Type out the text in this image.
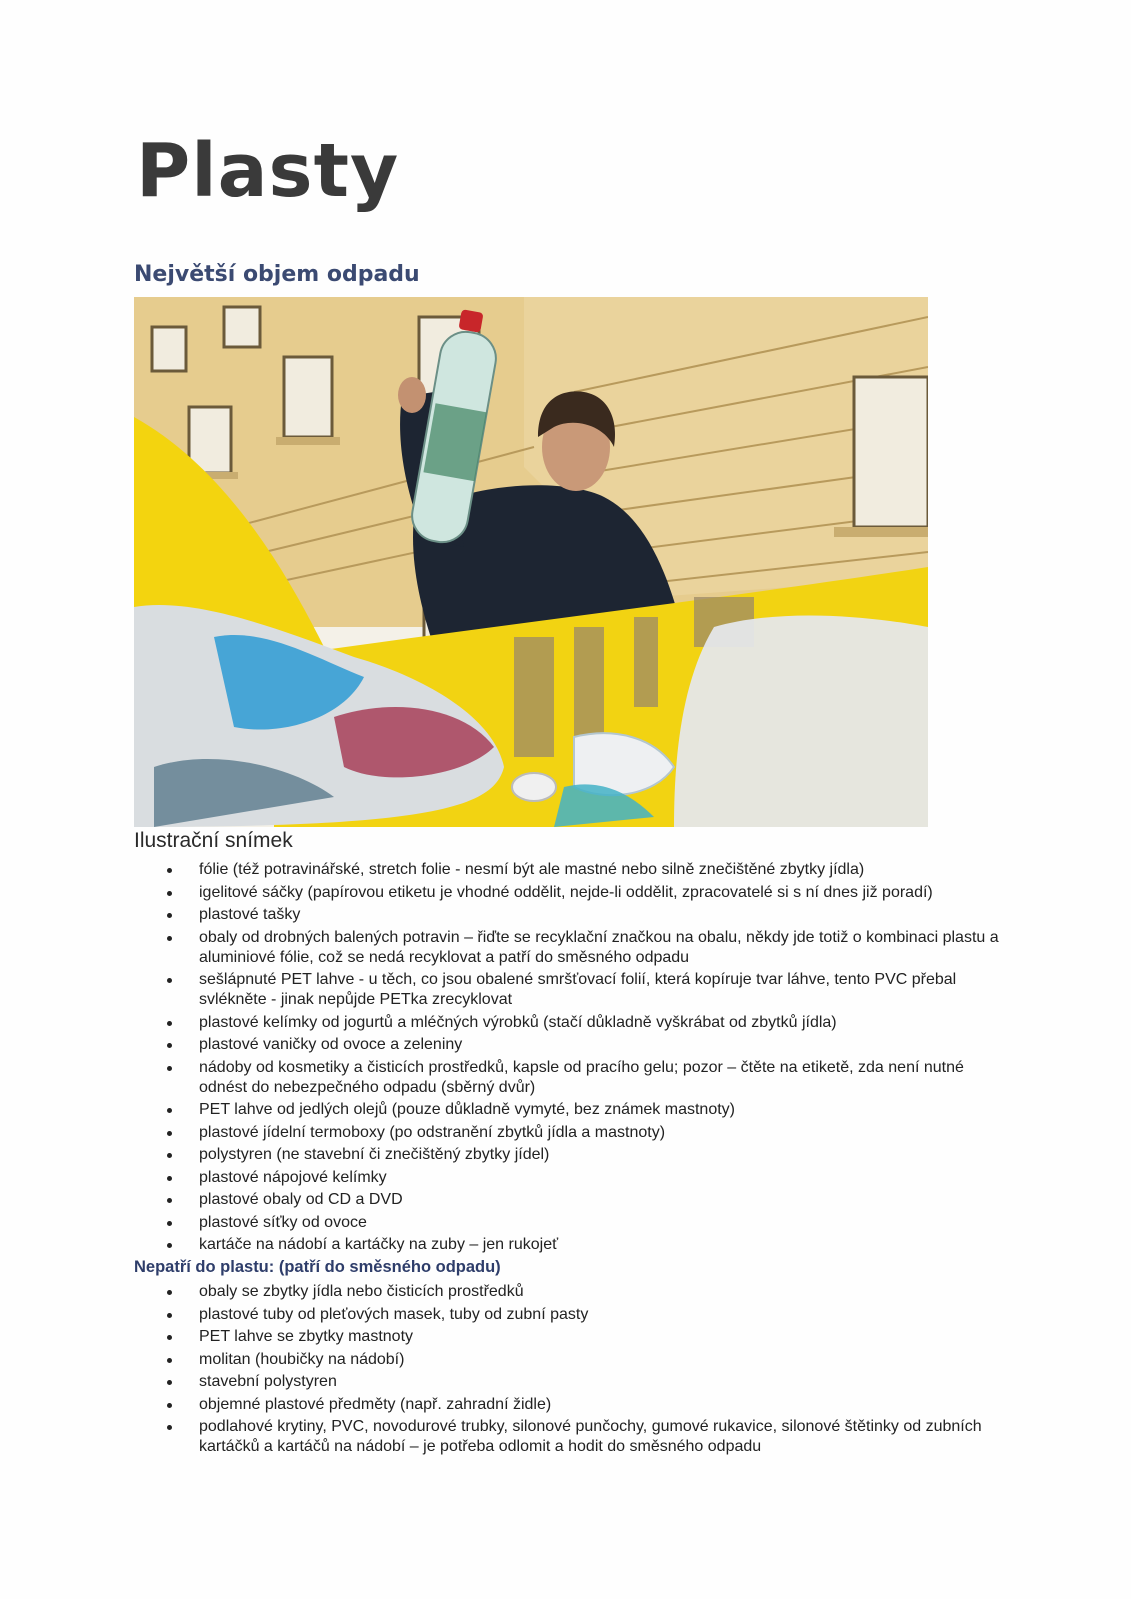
Plasty
Největší objem odpadu

Ilustrační snímek

fólie (též potravinářské, stretch folie - nesmí být ale mastné nebo silně znečištěné zbytky jídla)
igelitové sáčky (papírovou etiketu je vhodné oddělit, nejde-li oddělit, zpracovatelé si s ní dnes již poradí)
plastové tašky
obaly od drobných balených potravin – řiďte se recyklační značkou na obalu, někdy jde totiž o kombinaci plastu a aluminiové fólie, což se nedá recyklovat a patří do směsného odpadu
sešlápnuté PET lahve - u těch, co jsou obalené smršťovací folií, která kopíruje tvar láhve, tento PVC přebal svlékněte - jinak nepůjde PETka zrecyklovat
plastové kelímky od jogurtů a mléčných výrobků (stačí důkladně vyškrábat od zbytků jídla)
plastové vaničky od ovoce a zeleniny
nádoby od kosmetiky a čisticích prostředků, kapsle od pracího gelu; pozor – čtěte na etiketě, zda není nutné odnést do nebezpečného odpadu (sběrný dvůr)
PET lahve od jedlých olejů (pouze důkladně vymyté, bez známek mastnoty)
plastové jídelní termoboxy (po odstranění zbytků jídla a mastnoty)
polystyren (ne stavební či znečištěný zbytky jídel)
plastové nápojové kelímky
plastové obaly od CD a DVD
plastové síťky od ovoce
kartáče na nádobí a kartáčky na zuby – jen rukojeť

Nepatří do plastu: (patří do směsného odpadu)

obaly se zbytky jídla nebo čisticích prostředků
plastové tuby od pleťových masek, tuby od zubní pasty
PET lahve se zbytky mastnoty
molitan (houbičky na nádobí)
stavební polystyren
objemné plastové předměty (např. zahradní židle)
podlahové krytiny, PVC, novodurové trubky, silonové punčochy, gumové rukavice, silonové štětinky od zubních kartáčků a kartáčů na nádobí – je potřeba odlomit a hodit do směsného odpadu
